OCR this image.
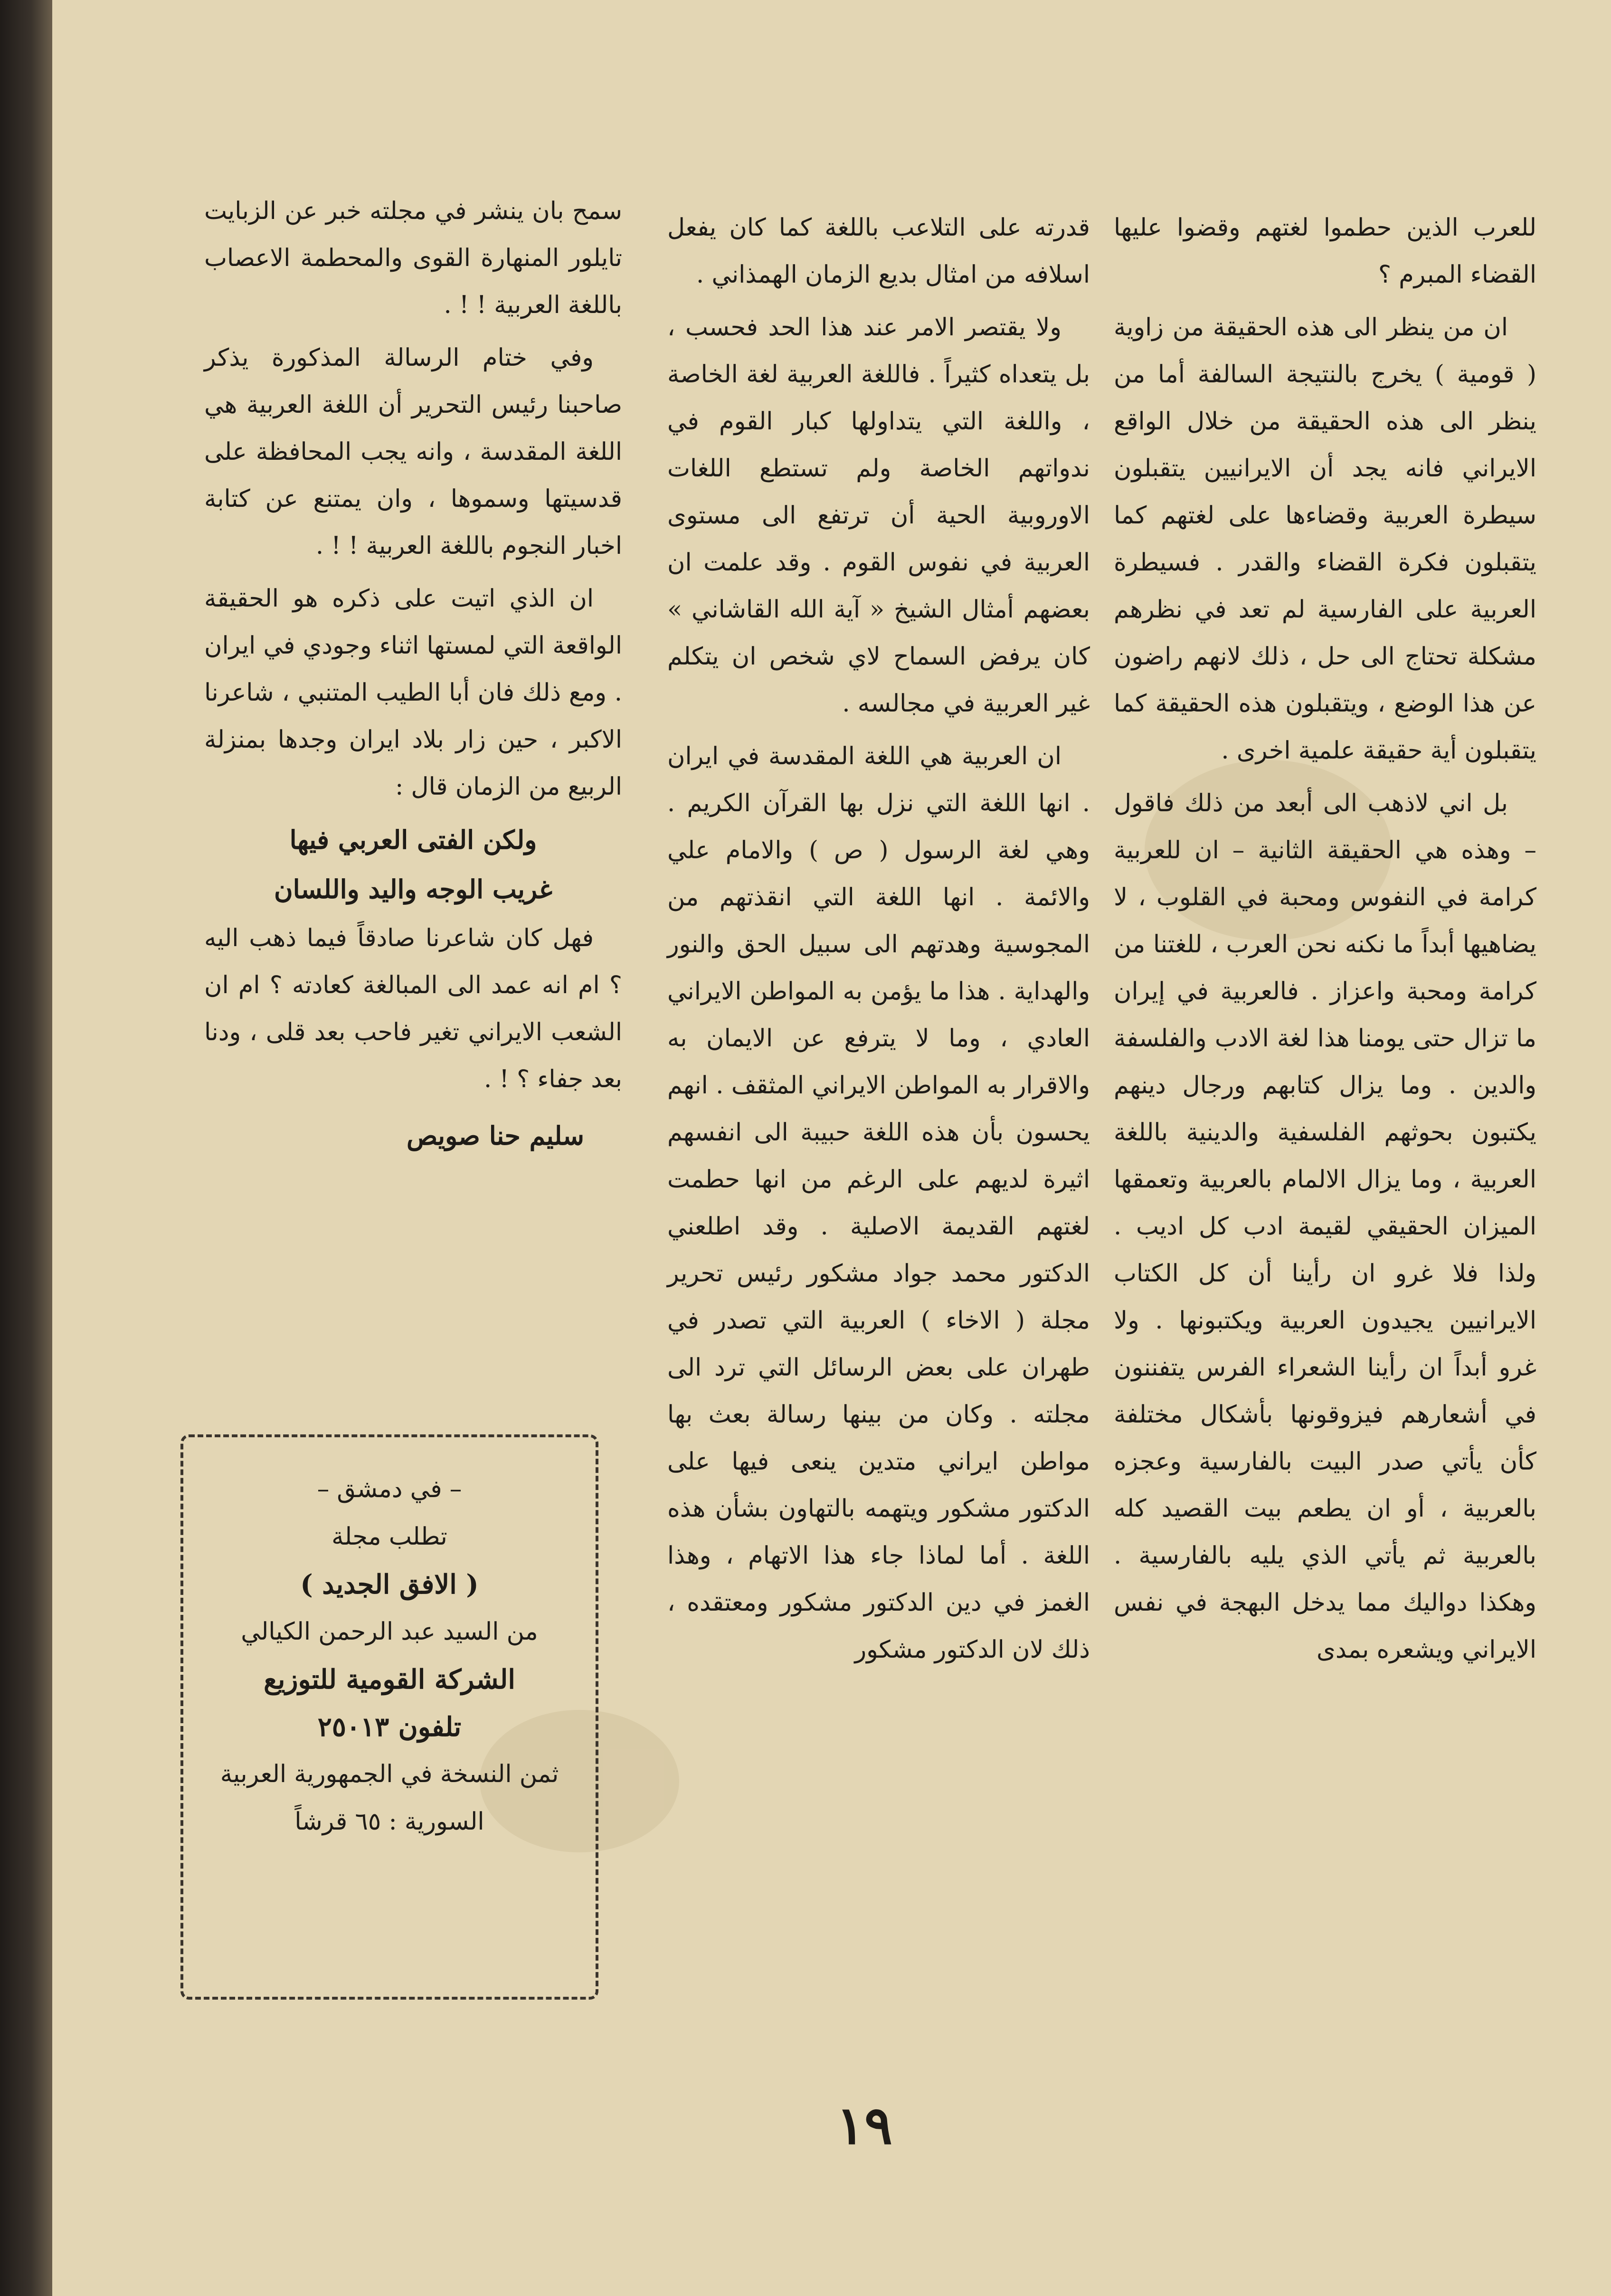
للعرب الذين حطموا لغتهم وقضوا عليها القضاء المبرم ؟

ان من ينظر الى هذه الحقيقة من زاوية ( قومية ) يخرج بالنتيجة السالفة أما من ينظر الى هذه الحقيقة من خلال الواقع الايراني فانه يجد أن الايرانيين يتقبلون سيطرة العربية وقضاءها على لغتهم كما يتقبلون فكرة القضاء والقدر . فسيطرة العربية على الفارسية لم تعد في نظرهم مشكلة تحتاج الى حل ، ذلك لانهم راضون عن هذا الوضع ، ويتقبلون هذه الحقيقة كما يتقبلون أية حقيقة علمية اخرى .

بل اني لاذهب الى أبعد من ذلك فاقول – وهذه هي الحقيقة الثانية – ان للعربية كرامة في النفوس ومحبة في القلوب ، لا يضاهيها أبداً ما نكنه نحن العرب ، للغتنا من كرامة ومحبة واعزاز . فالعربية في إيران ما تزال حتى يومنا هذا لغة الادب والفلسفة والدين . وما يزال كتابهم ورجال دينهم يكتبون بحوثهم الفلسفية والدينية باللغة العربية ، وما يزال الالمام بالعربية وتعمقها الميزان الحقيقي لقيمة ادب كل اديب . ولذا فلا غرو ان رأينا أن كل الكتاب الايرانيين يجيدون العربية ويكتبونها . ولا غرو أبداً ان رأينا الشعراء الفرس يتفننون في أشعارهم فيزوقونها بأشكال مختلفة كأن يأتي صدر البيت بالفارسية وعجزه بالعربية ، أو ان يطعم بيت القصيد كله بالعربية ثم يأتي الذي يليه بالفارسية . وهكذا دواليك مما يدخل البهجة في نفس الايراني ويشعره بمدى

قدرته على التلاعب باللغة كما كان يفعل اسلافه من امثال بديع الزمان الهمذاني .

ولا يقتصر الامر عند هذا الحد فحسب ، بل يتعداه كثيراً . فاللغة العربية لغة الخاصة ، واللغة التي يتداولها كبار القوم في ندواتهم الخاصة ولم تستطع اللغات الاوروبية الحية أن ترتفع الى مستوى العربية في نفوس القوم . وقد علمت ان بعضهم أمثال الشيخ « آية الله القاشاني » كان يرفض السماح لاي شخص ان يتكلم غير العربية في مجالسه .

ان العربية هي اللغة المقدسة في ايران . انها اللغة التي نزل بها القرآن الكريم . وهي لغة الرسول ( ص ) والامام علي والائمة . انها اللغة التي انقذتهم من المجوسية وهدتهم الى سبيل الحق والنور والهداية . هذا ما يؤمن به المواطن الايراني العادي ، وما لا يترفع عن الايمان به والاقرار به المواطن الايراني المثقف . انهم يحسون بأن هذه اللغة حبيبة الى انفسهم اثيرة لديهم على الرغم من انها حطمت لغتهم القديمة الاصلية . وقد اطلعني الدكتور محمد جواد مشكور رئيس تحرير مجلة ( الاخاء ) العربية التي تصدر في طهران على بعض الرسائل التي ترد الى مجلته . وكان من بينها رسالة بعث بها مواطن ايراني متدين ينعى فيها على الدكتور مشكور ويتهمه بالتهاون بشأن هذه اللغة . أما لماذا جاء هذا الاتهام ، وهذا الغمز في دين الدكتور مشكور ومعتقده ، ذلك لان الدكتور مشكور

سمح بان ينشر في مجلته خبر عن الزبايت تايلور المنهارة القوى والمحطمة الاعصاب باللغة العربية ! ! .

وفي ختام الرسالة المذكورة يذكر صاحبنا رئيس التحرير أن اللغة العربية هي اللغة المقدسة ، وانه يجب المحافظة على قدسيتها وسموها ، وان يمتنع عن كتابة اخبار النجوم باللغة العربية ! ! .

ان الذي اتيت على ذكره هو الحقيقة الواقعة التي لمستها اثناء وجودي في ايران . ومع ذلك فان أبا الطيب المتنبي ، شاعرنا الاكبر ، حين زار بلاد ايران وجدها بمنزلة الربيع من الزمان قال :

ولكن الفتى العربي فيها
غريب الوجه واليد واللسان

فهل كان شاعرنا صادقاً فيما ذهب اليه ؟ ام انه عمد الى المبالغة كعادته ؟ ام ان الشعب الايراني تغير فاحب بعد قلى ، ودنا بعد جفاء ؟ ! .

سليم حنا صويص
– في دمشق –
تطلب مجلة
( الافق الجديد )
من السيد عبد الرحمن الكيالي
الشركة القومية للتوزيع
تلفون ٢٥٠١٣
ثمن النسخة في الجمهورية العربية
السورية : ٦٥ قرشاً
١٩
